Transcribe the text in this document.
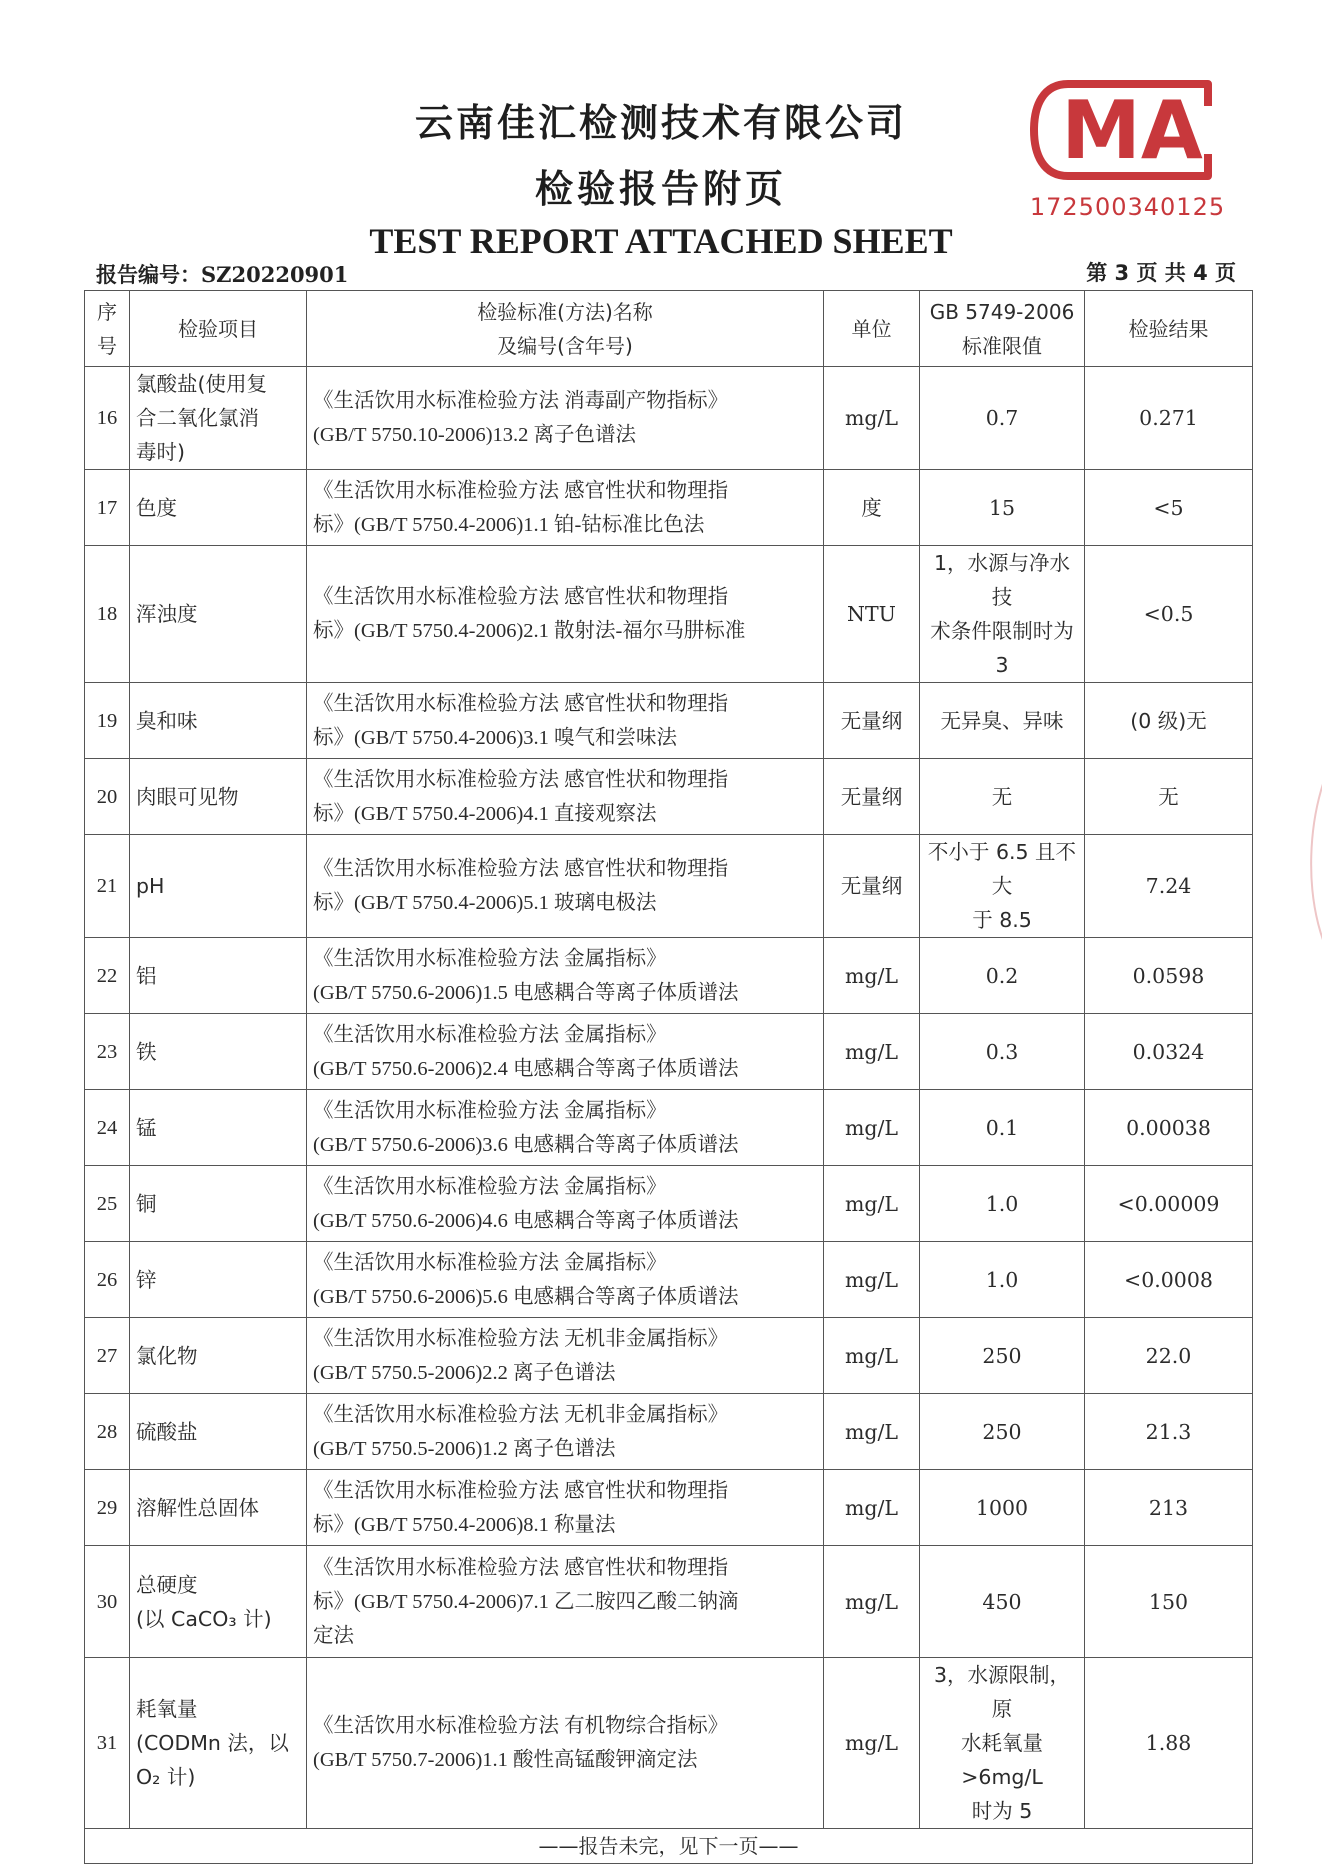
云南佳汇检测技术有限公司
检验报告附页
TEST REPORT ATTACHED SHEET
MA
172500340125
报告编号：SZ20220901	第 3 页 共 4 页
序
号	检验项目	检验标准(方法)名称
及编号(含年号)	单位	GB 5749-2006
标准限值	检验结果
16	氯酸盐(使用复
合二氧化氯消
毒时)	《生活饮用水标准检验方法 消毒副产物指标》
(GB/T 5750.10-2006)13.2 离子色谱法	mg/L	0.7	0.271
17	色度	《生活饮用水标准检验方法 感官性状和物理指
标》(GB/T 5750.4-2006)1.1 铂-钴标准比色法	度	15	<5
18	浑浊度	《生活饮用水标准检验方法 感官性状和物理指
标》(GB/T 5750.4-2006)2.1 散射法-福尔马肼标准	NTU	1，水源与净水技
术条件限制时为
3	<0.5
19	臭和味	《生活饮用水标准检验方法 感官性状和物理指
标》(GB/T 5750.4-2006)3.1 嗅气和尝味法	无量纲	无异臭、异味	(0 级)无
20	肉眼可见物	《生活饮用水标准检验方法 感官性状和物理指
标》(GB/T 5750.4-2006)4.1 直接观察法	无量纲	无	无
21	pH	《生活饮用水标准检验方法 感官性状和物理指
标》(GB/T 5750.4-2006)5.1 玻璃电极法	无量纲	不小于 6.5 且不大
于 8.5	7.24
22	铝	《生活饮用水标准检验方法 金属指标》
(GB/T 5750.6-2006)1.5 电感耦合等离子体质谱法	mg/L	0.2	0.0598
23	铁	《生活饮用水标准检验方法 金属指标》
(GB/T 5750.6-2006)2.4 电感耦合等离子体质谱法	mg/L	0.3	0.0324
24	锰	《生活饮用水标准检验方法 金属指标》
(GB/T 5750.6-2006)3.6 电感耦合等离子体质谱法	mg/L	0.1	0.00038
25	铜	《生活饮用水标准检验方法 金属指标》
(GB/T 5750.6-2006)4.6 电感耦合等离子体质谱法	mg/L	1.0	<0.00009
26	锌	《生活饮用水标准检验方法 金属指标》
(GB/T 5750.6-2006)5.6 电感耦合等离子体质谱法	mg/L	1.0	<0.0008
27	氯化物	《生活饮用水标准检验方法 无机非金属指标》
(GB/T 5750.5-2006)2.2 离子色谱法	mg/L	250	22.0
28	硫酸盐	《生活饮用水标准检验方法 无机非金属指标》
(GB/T 5750.5-2006)1.2 离子色谱法	mg/L	250	21.3
29	溶解性总固体	《生活饮用水标准检验方法 感官性状和物理指
标》(GB/T 5750.4-2006)8.1 称量法	mg/L	1000	213
30	总硬度
(以 CaCO₃ 计)	《生活饮用水标准检验方法 感官性状和物理指
标》(GB/T 5750.4-2006)7.1 乙二胺四乙酸二钠滴
定法	mg/L	450	150
31	耗氧量
(CODMn 法，以
O₂ 计)	《生活饮用水标准检验方法 有机物综合指标》
(GB/T 5750.7-2006)1.1 酸性高锰酸钾滴定法	mg/L	3，水源限制，原
水耗氧量>6mg/L
时为 5	1.88
——报告未完，见下一页——					
